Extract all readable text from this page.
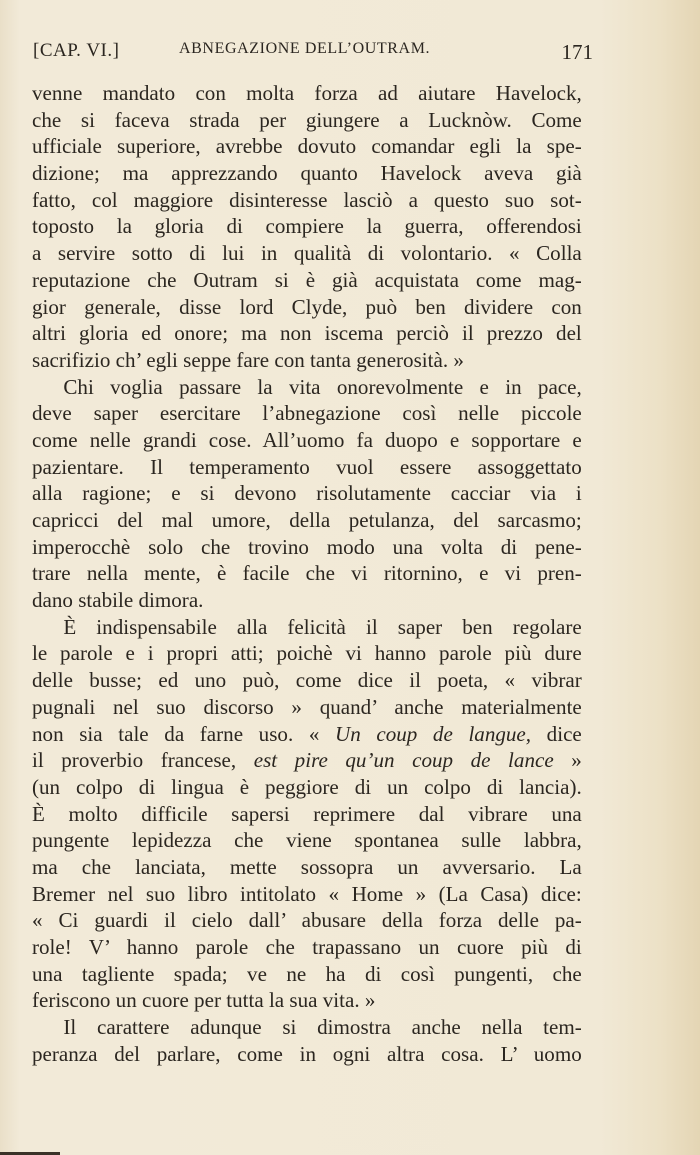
[CAP. VI.]	ABNEGAZIONE DELL’OUTRAM.	171
venne mandato con molta forza ad aiutare Havelock,
che si faceva strada per giungere a Lucknòw. Come
ufficiale superiore, avrebbe dovuto comandar egli la spe-
dizione; ma apprezzando quanto Havelock aveva già
fatto, col maggiore disinteresse lasciò a questo suo sot-
toposto la gloria di compiere la guerra, offerendosi
a servire sotto di lui in qualità di volontario. « Colla
reputazione che Outram si è già acquistata come mag-
gior generale, disse lord Clyde, può ben dividere con
altri gloria ed onore; ma non iscema perciò il prezzo del
sacrifizio ch’ egli seppe fare con tanta generosità. »
Chi voglia passare la vita onorevolmente e in pace,
deve saper esercitare l’abnegazione così nelle piccole
come nelle grandi cose. All’uomo fa duopo e sopportare e
pazientare. Il temperamento vuol essere assoggettato
alla ragione; e si devono risolutamente cacciar via i
capricci del mal umore, della petulanza, del sarcasmo;
imperocchè solo che trovino modo una volta di pene-
trare nella mente, è facile che vi ritornino, e vi pren-
dano stabile dimora.
È indispensabile alla felicità il saper ben regolare
le parole e i propri atti; poichè vi hanno parole più dure
delle busse; ed uno può, come dice il poeta, « vibrar
pugnali nel suo discorso » quand’ anche materialmente
non sia tale da farne uso. « Un coup de langue, dice
il proverbio francese, est pire qu’un coup de lance »
(un colpo di lingua è peggiore di un colpo di lancia).
È molto difficile sapersi reprimere dal vibrare una
pungente lepidezza che viene spontanea sulle labbra,
ma che lanciata, mette sossopra un avversario. La
Bremer nel suo libro intitolato « Home » (La Casa) dice:
« Ci guardi il cielo dall’ abusare della forza delle pa-
role! V’ hanno parole che trapassano un cuore più di
una tagliente spada; ve ne ha di così pungenti, che
feriscono un cuore per tutta la sua vita. »
Il carattere adunque si dimostra anche nella tem-
peranza del parlare, come in ogni altra cosa. L’ uomo
